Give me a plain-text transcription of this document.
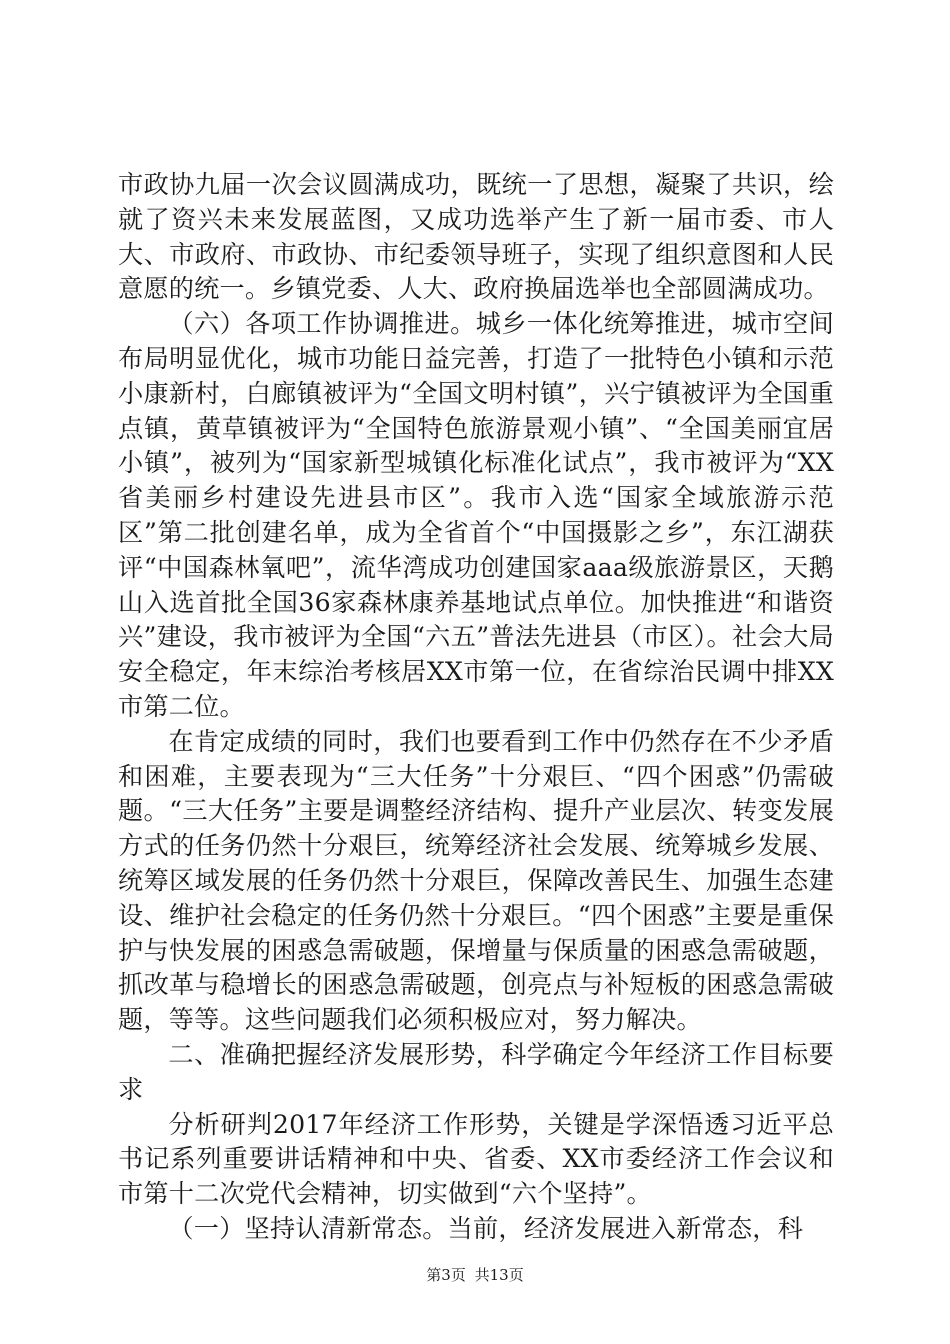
市政协九届一次会议圆满成功，既统一了思想，凝聚了共识，绘就了资兴未来发展蓝图，又成功选举产生了新一届市委、市人大、市政府、市政协、市纪委领导班子，实现了组织意图和人民意愿的统一。乡镇党委、人大、政府换届选举也全部圆满成功。

（六）各项工作协调推进。城乡一体化统筹推进，城市空间布局明显优化，城市功能日益完善，打造了一批特色小镇和示范小康新村，白廊镇被评为“全国文明村镇”，兴宁镇被评为全国重点镇，黄草镇被评为“全国特色旅游景观小镇”、“全国美丽宜居小镇”，被列为“国家新型城镇化标准化试点”，我市被评为“XX省美丽乡村建设先进县市区”。我市入选“国家全域旅游示范区”第二批创建名单，成为全省首个“中国摄影之乡”，东江湖获评“中国森林氧吧”，流华湾成功创建国家aaa级旅游景区，天鹅山入选首批全国36家森林康养基地试点单位。加快推进“和谐资兴”建设，我市被评为全国“六五”普法先进县（市区）。社会大局安全稳定，年末综治考核居XX市第一位，在省综治民调中排XX市第二位。

在肯定成绩的同时，我们也要看到工作中仍然存在不少矛盾和困难，主要表现为“三大任务”十分艰巨、“四个困惑”仍需破题。“三大任务”主要是调整经济结构、提升产业层次、转变发展方式的任务仍然十分艰巨，统筹经济社会发展、统筹城乡发展、统筹区域发展的任务仍然十分艰巨，保障改善民生、加强生态建设、维护社会稳定的任务仍然十分艰巨。“四个困惑”主要是重保护与快发展的困惑急需破题，保增量与保质量的困惑急需破题，抓改革与稳增长的困惑急需破题，创亮点与补短板的困惑急需破题，等等。这些问题我们必须积极应对，努力解决。

二、准确把握经济发展形势，科学确定今年经济工作目标要求

分析研判2017年经济工作形势，关键是学深悟透习近平总书记系列重要讲话精神和中央、省委、XX市委经济工作会议和市第十二次党代会精神，切实做到“六个坚持”。

（一）坚持认清新常态。当前，经济发展进入新常态，科

第3页 共13页
